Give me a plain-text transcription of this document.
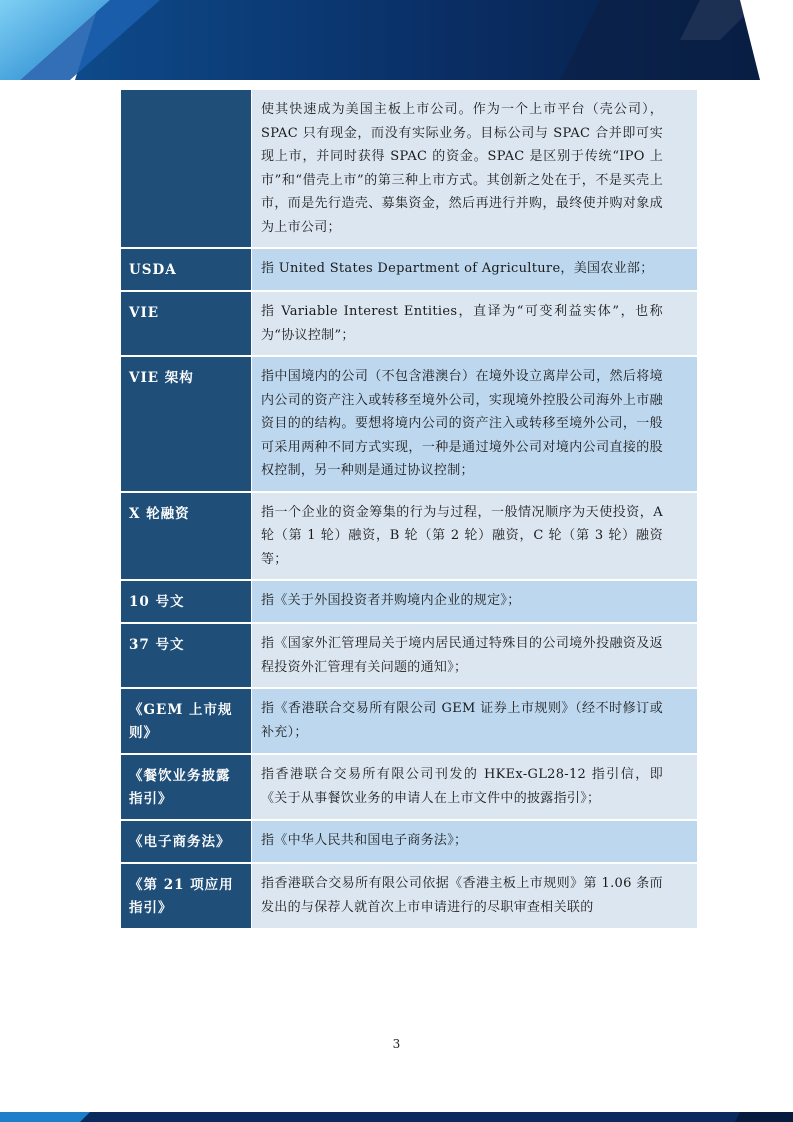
	使其快速成为美国主板上市公司。作为一个上市平台（壳公司），SPAC 只有现金，而没有实际业务。目标公司与 SPAC 合并即可实现上市，并同时获得 SPAC 的资金。SPAC 是区别于传统“IPO 上市”和“借壳上市”的第三种上市方式。其创新之处在于，不是买壳上市，而是先行造壳、募集资金，然后再进行并购，最终使并购对象成为上市公司；
USDA	指 United States Department of Agriculture，美国农业部；
VIE	指 Variable Interest Entities，直译为“可变利益实体”，也称为“协议控制”；
VIE 架构	指中国境内的公司（不包含港澳台）在境外设立离岸公司，然后将境内公司的资产注入或转移至境外公司，实现境外控股公司海外上市融资目的的结构。要想将境内公司的资产注入或转移至境外公司，一般可采用两种不同方式实现，一种是通过境外公司对境内公司直接的股权控制，另一种则是通过协议控制；
X 轮融资	指一个企业的资金筹集的行为与过程，一般情况顺序为天使投资，A 轮（第 1 轮）融资，B 轮（第 2 轮）融资，C 轮（第 3 轮）融资等；
10 号文	指《关于外国投资者并购境内企业的规定》；
37 号文	指《国家外汇管理局关于境内居民通过特殊目的公司境外投融资及返程投资外汇管理有关问题的通知》；
《GEM 上市规则》	指《香港联合交易所有限公司 GEM 证券上市规则》（经不时修订或补充）；
《餐饮业务披露指引》	指香港联合交易所有限公司刊发的 HKEx-GL28-12 指引信，即《关于从事餐饮业务的申请人在上市文件中的披露指引》；
《电子商务法》	指《中华人民共和国电子商务法》；
《第 21 项应用指引》	指香港联合交易所有限公司依据《香港主板上市规则》第 1.06 条而发出的与保荐人就首次上市申请进行的尽职审查相关联的
3
